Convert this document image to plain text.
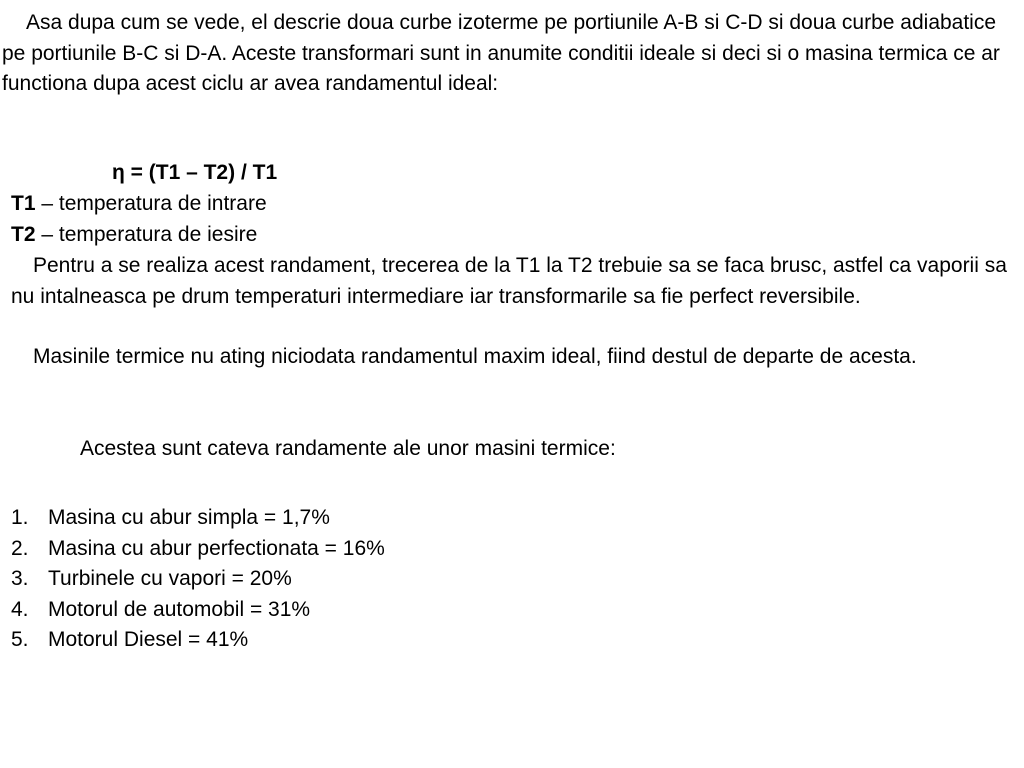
Asa dupa cum se vede, el descrie doua curbe izoterme pe portiunile A-B si C-D si doua curbe adiabatice pe portiunile B-C si D-A. Aceste transformari sunt in anumite conditii ideale si deci si o masina termica ce ar functiona dupa acest ciclu ar avea randamentul ideal:

η = (T1 – T2) / T1
T1 – temperatura de intrare
T2 – temperatura de iesire

Pentru a se realiza acest randament, trecerea de la T1 la T2 trebuie sa se faca brusc, astfel ca vaporii sa nu intalneasca pe drum temperaturi intermediare iar transformarile sa fie perfect reversibile.

Masinile termice nu ating niciodata randamentul maxim ideal, fiind destul de departe de acesta.

Acestea sunt cateva randamente ale unor masini termice:
1. Masina cu abur simpla = 1,7%
2. Masina cu abur perfectionata = 16%
3. Turbinele cu vapori = 20%
4. Motorul de automobil = 31%
5. Motorul Diesel = 41%
